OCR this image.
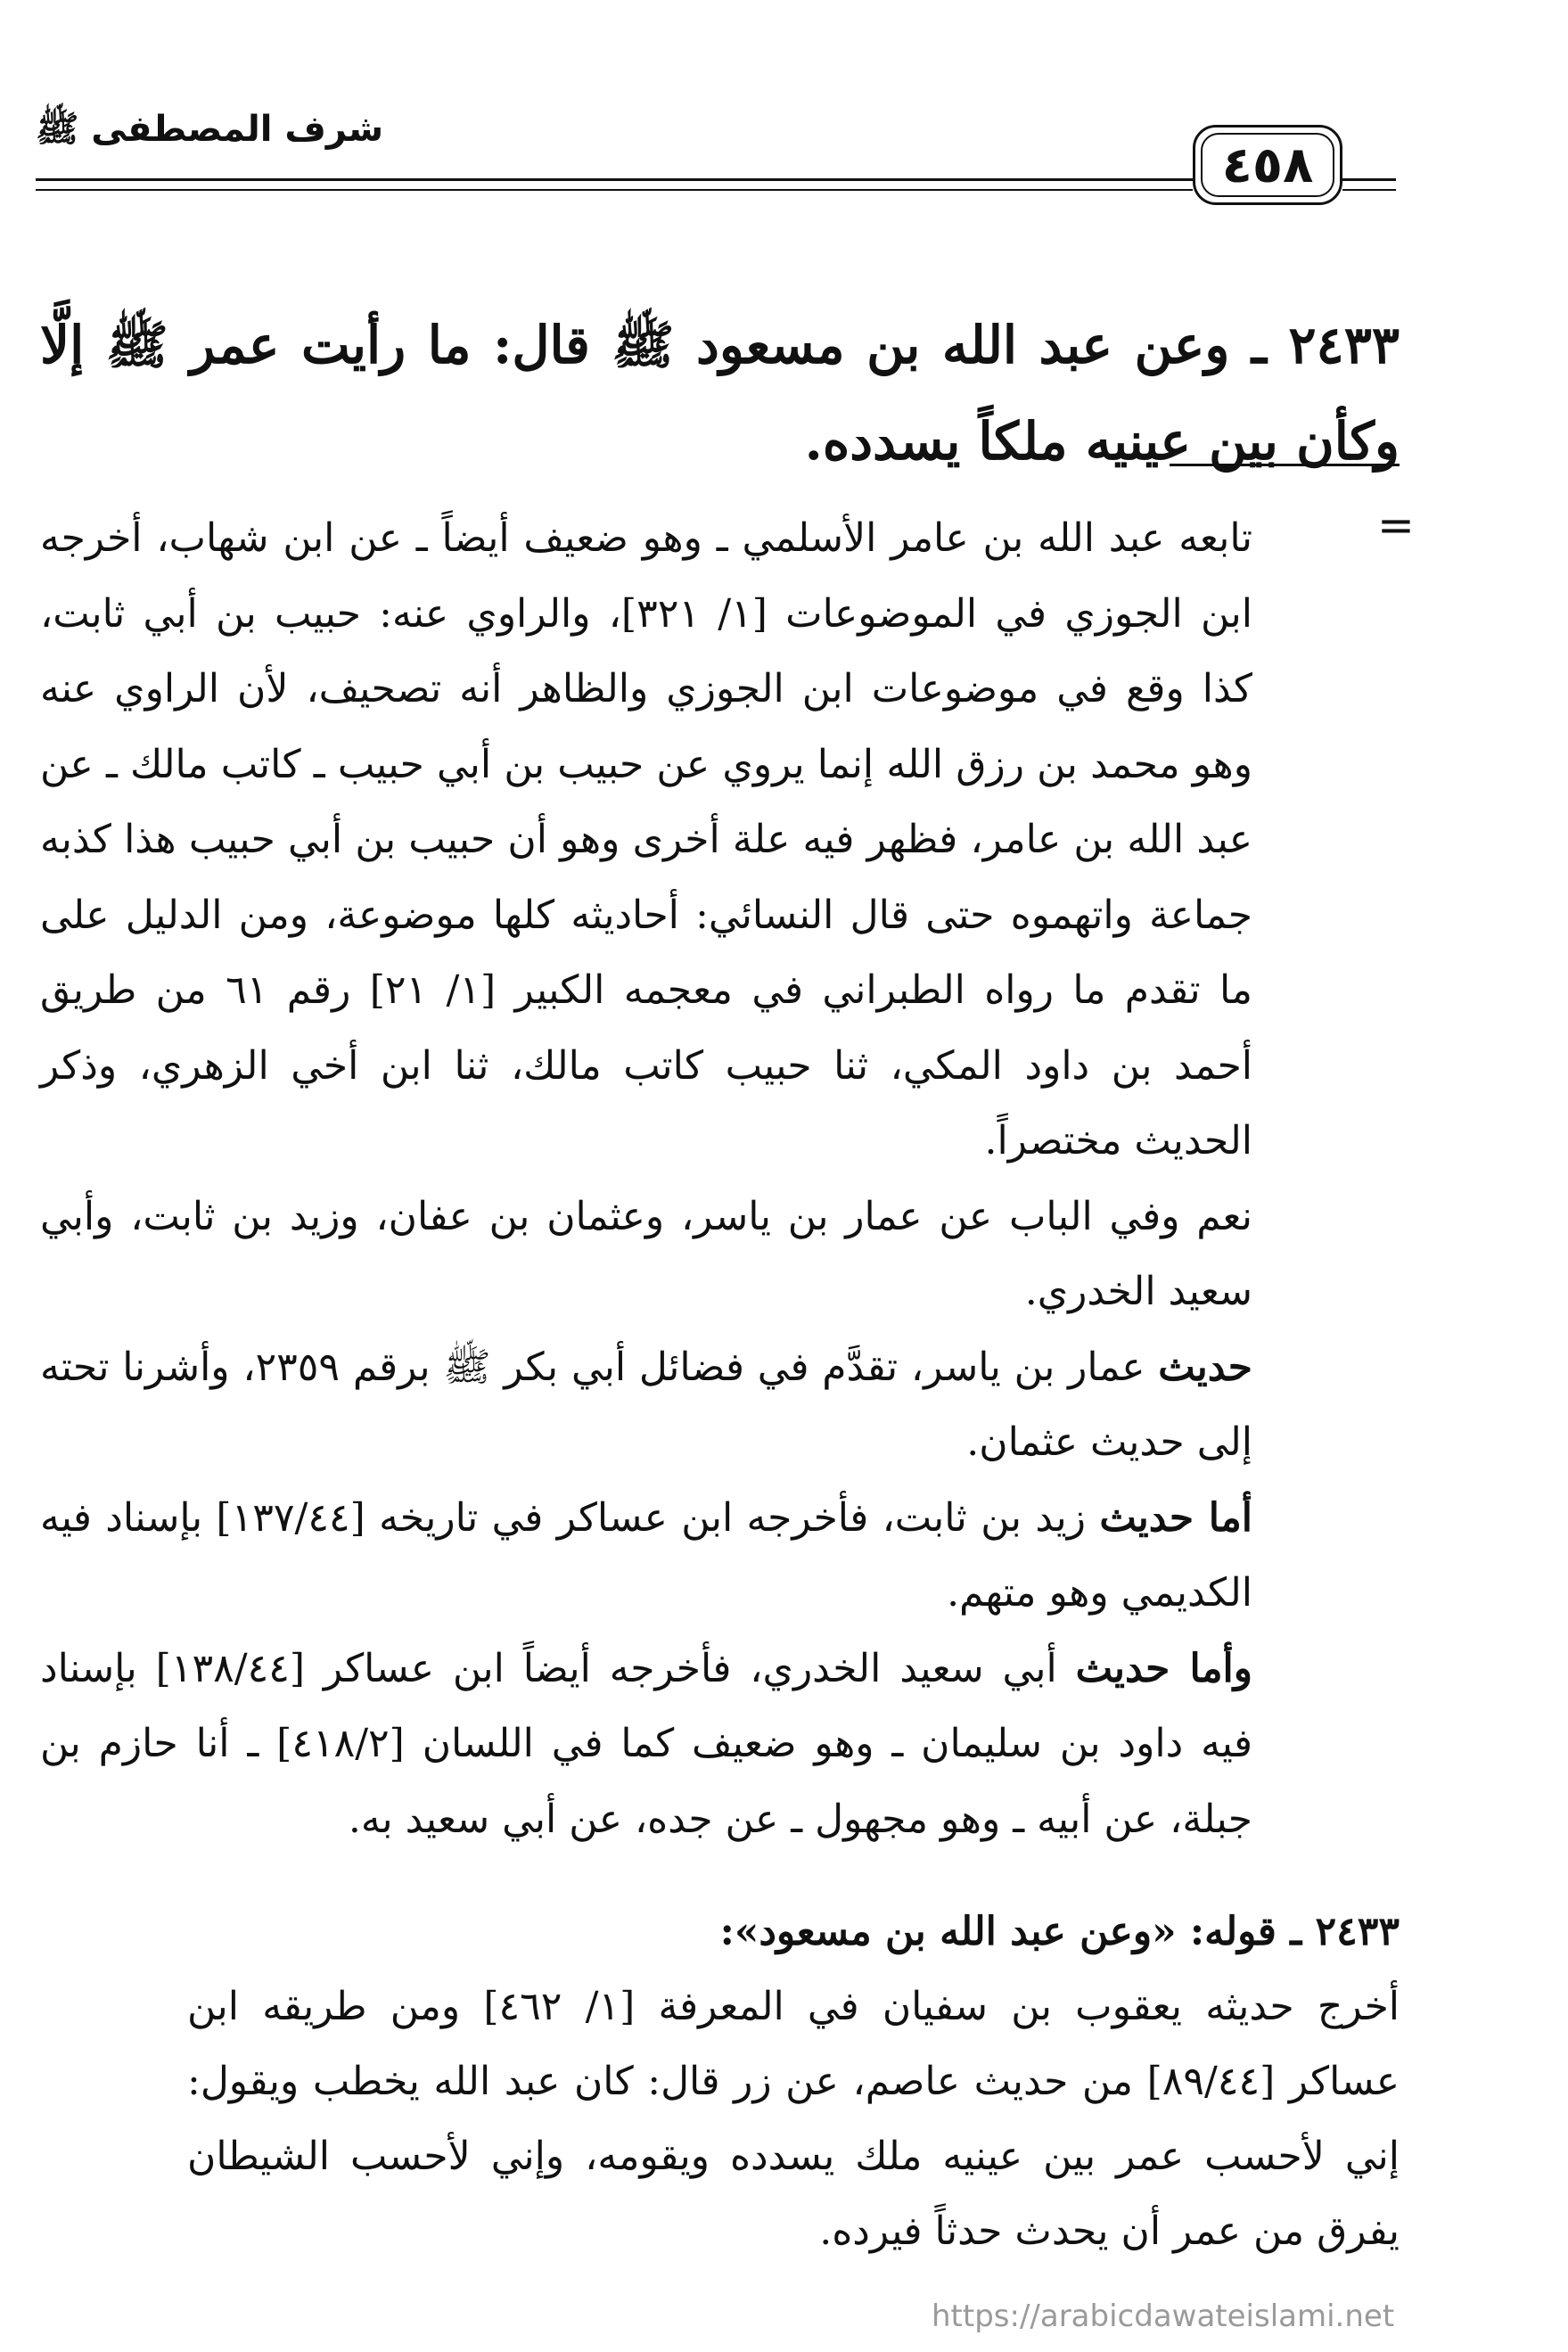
شرف المصطفى ﷺ
٤٥٨

٢٤٣٣ ـ وعن عبد الله بن مسعود ﷺ قال: ما رأيت عمر ﷺ إلَّا وكأن بين عينيه ملكاً يسدده.

=

تابعه عبد الله بن عامر الأسلمي ـ وهو ضعيف أيضاً ـ عن ابن شهاب، أخرجه ابن الجوزي في الموضوعات [١/ ٣٢١]، والراوي عنه: حبيب بن أبي ثابت، كذا وقع في موضوعات ابن الجوزي والظاهر أنه تصحيف، لأن الراوي عنه وهو محمد بن رزق الله إنما يروي عن حبيب بن أبي حبيب ـ كاتب مالك ـ عن عبد الله بن عامر، فظهر فيه علة أخرى وهو أن حبيب بن أبي حبيب هذا كذبه جماعة واتهموه حتى قال النسائي: أحاديثه كلها موضوعة، ومن الدليل على ما تقدم ما رواه الطبراني في معجمه الكبير [١/ ٢١] رقم ٦١ من طريق أحمد بن داود المكي، ثنا حبيب كاتب مالك، ثنا ابن أخي الزهري، وذكر الحديث مختصراً.

نعم وفي الباب عن عمار بن ياسر، وعثمان بن عفان، وزيد بن ثابت، وأبي سعيد الخدري.

حديث عمار بن ياسر، تقدَّم في فضائل أبي بكر ﷺ برقم ٢٣٥٩، وأشرنا تحته إلى حديث عثمان.

أما حديث زيد بن ثابت، فأخرجه ابن عساكر في تاريخه [١٣٧/٤٤] بإسناد فيه الكديمي وهو متهم.

وأما حديث أبي سعيد الخدري، فأخرجه أيضاً ابن عساكر [١٣٨/٤٤] بإسناد فيه داود بن سليمان ـ وهو ضعيف كما في اللسان [٤١٨/٢] ـ أنا حازم بن جبلة، عن أبيه ـ وهو مجهول ـ عن جده، عن أبي سعيد به.

٢٤٣٣ ـ قوله: «وعن عبد الله بن مسعود»:

أخرج حديثه يعقوب بن سفيان في المعرفة [١/ ٤٦٢] ومن طريقه ابن عساكر [٨٩/٤٤] من حديث عاصم، عن زر قال: كان عبد الله يخطب ويقول: إني لأحسب عمر بين عينيه ملك يسدده ويقومه، وإني لأحسب الشيطان يفرق من عمر أن يحدث حدثاً فيرده.

https://arabicdawateislami.net
